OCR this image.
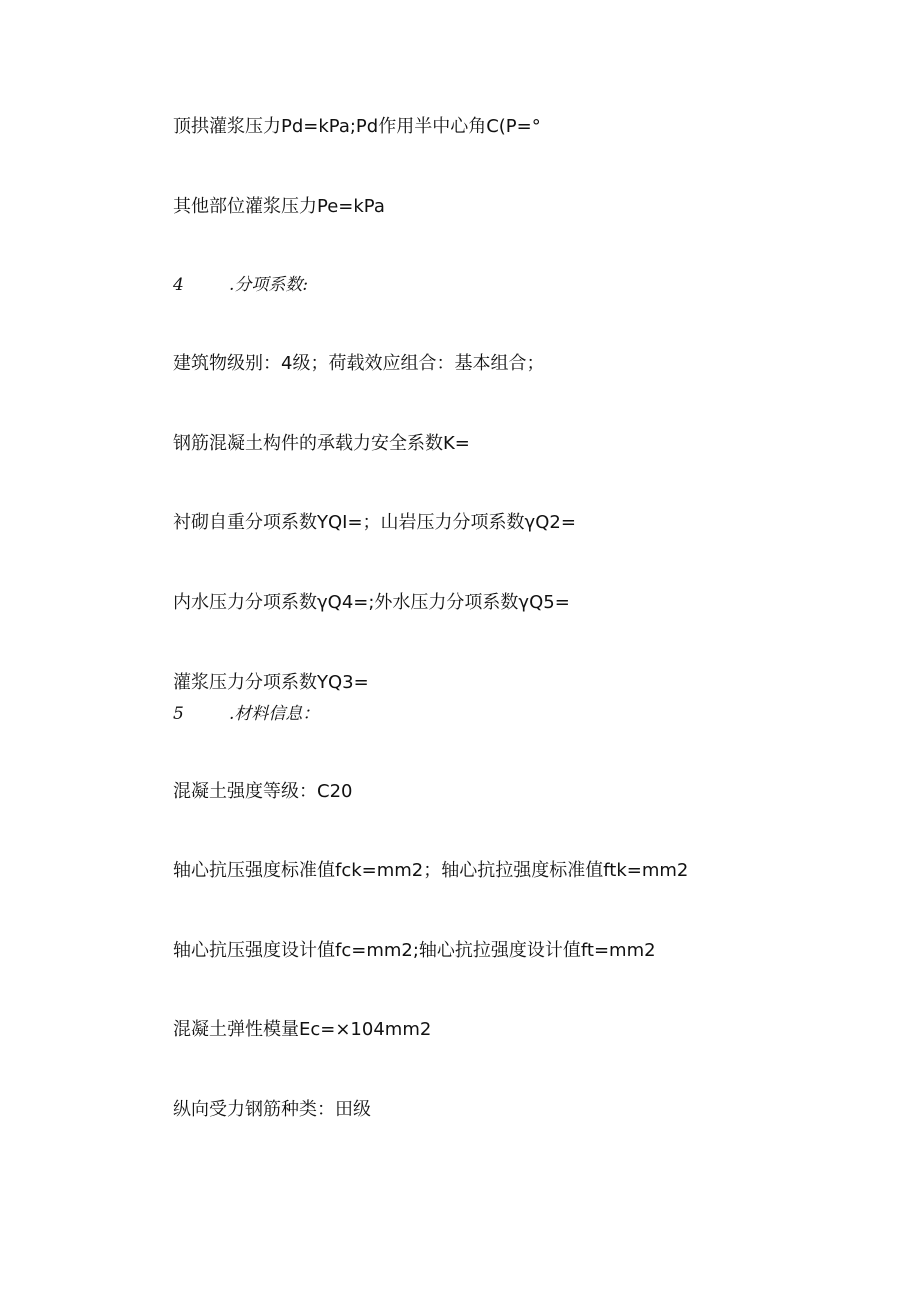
顶拱灌浆压力Pd=kPa;Pd作用半中心角C(P=°
其他部位灌浆压力Pe=kPa
4	.分项系数:
建筑物级别：4级；荷载效应组合：基本组合；
钢筋混凝土构件的承载力安全系数K=
衬砌自重分项系数YQI=；山岩压力分项系数γQ2=
内水压力分项系数γQ4=;外水压力分项系数γQ5=
灌浆压力分项系数YQ3=
5	.材料信息：
混凝土强度等级：C20
轴心抗压强度标准值fck=mm2；轴心抗拉强度标准值ftk=mm2
轴心抗压强度设计值fc=mm2;轴心抗拉强度设计值ft=mm2
混凝土弹性模量Ec=×104mm2
纵向受力钢筋种类：田级
